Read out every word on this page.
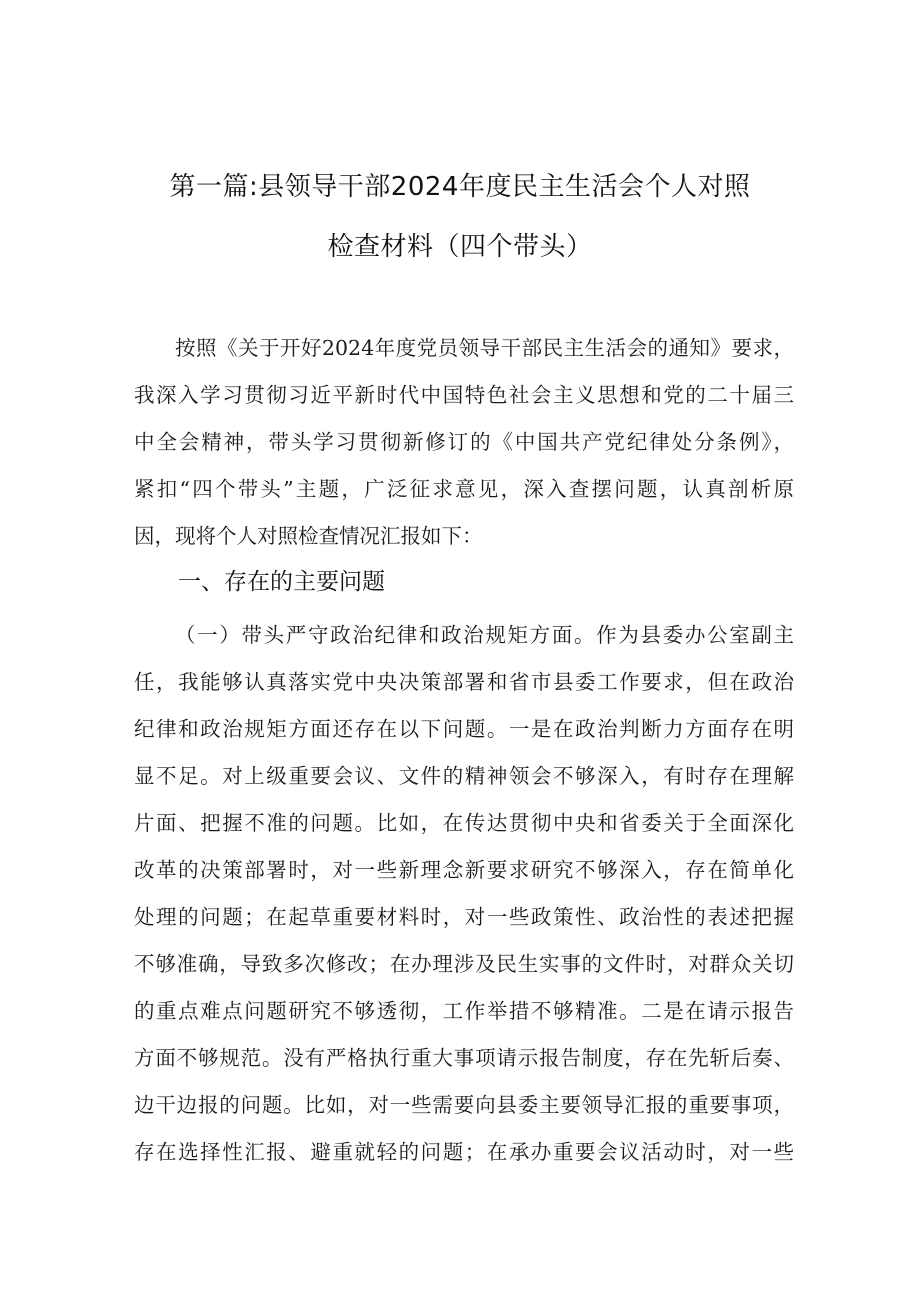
第一篇:县领导干部2024年度民主生活会个人对照
检查材料（四个带头）
按照《关于开好2024年度党员领导干部民主生活会的通知》要求，
我深入学习贯彻习近平新时代中国特色社会主义思想和党的二十届三
中全会精神，带头学习贯彻新修订的《中国共产党纪律处分条例》，
紧扣“四个带头”主题，广泛征求意见，深入查摆问题，认真剖析原
因，现将个人对照检查情况汇报如下：
一、存在的主要问题
（一）带头严守政治纪律和政治规矩方面。作为县委办公室副主
任，我能够认真落实党中央决策部署和省市县委工作要求，但在政治
纪律和政治规矩方面还存在以下问题。一是在政治判断力方面存在明
显不足。对上级重要会议、文件的精神领会不够深入，有时存在理解
片面、把握不准的问题。比如，在传达贯彻中央和省委关于全面深化
改革的决策部署时，对一些新理念新要求研究不够深入，存在简单化
处理的问题；在起草重要材料时，对一些政策性、政治性的表述把握
不够准确，导致多次修改；在办理涉及民生实事的文件时，对群众关切
的重点难点问题研究不够透彻，工作举措不够精准。二是在请示报告
方面不够规范。没有严格执行重大事项请示报告制度，存在先斩后奏、
边干边报的问题。比如，对一些需要向县委主要领导汇报的重要事项，
存在选择性汇报、避重就轻的问题；在承办重要会议活动时，对一些
